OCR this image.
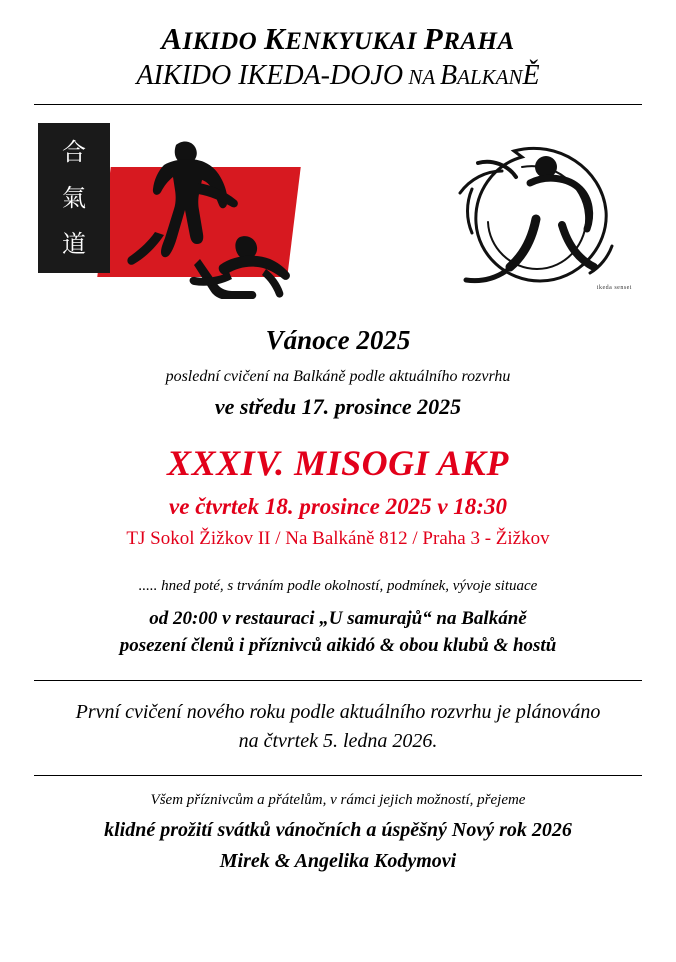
AIKIDO KENKYUKAI PRAHA
AIKIDO IKEDA-DOJO NA BALKANĚ
合
氣
道
ikeda sensei
Vánoce 2025
poslední cvičení na Balkáně podle aktuálního rozvrhu
ve středu 17. prosince 2025
XXXIV. MISOGI AKP
ve čtvrtek 18. prosince 2025 v 18:30
TJ Sokol Žižkov II / Na Balkáně 812 / Praha 3 - Žižkov
..... hned poté, s trváním podle okolností, podmínek, vývoje situace
od 20:00 v restauraci „U samurajů“ na Balkáně
posezení členů i příznivců aikidó & obou klubů & hostů
První cvičení nového roku podle aktuálního rozvrhu je plánováno
na čtvrtek 5. ledna 2026.
Všem příznivcům a přátelům, v rámci jejich možností, přejeme
klidné prožití svátků vánočních a úspěšný Nový rok 2026
Mirek & Angelika Kodymovi
